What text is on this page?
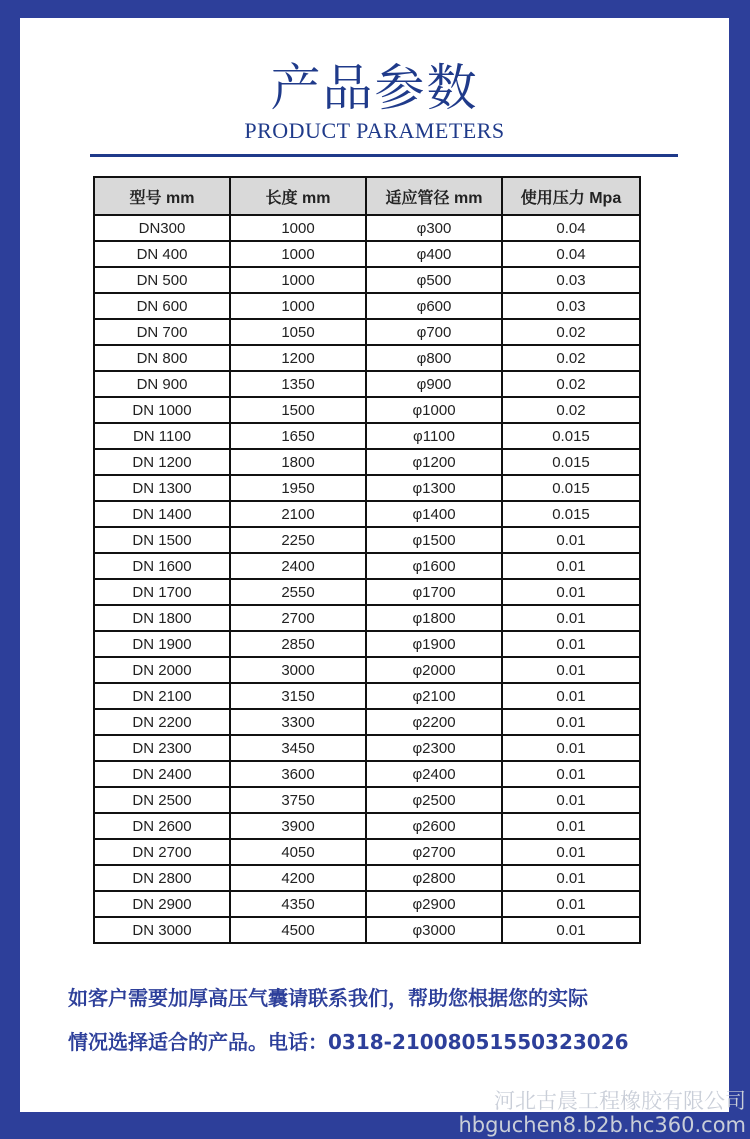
产品参数
PRODUCT PARAMETERS
型号 mm	长度 mm	适应管径 mm	使用压力 Mpa
DN300	1000	φ300	0.04
DN 400	1000	φ400	0.04
DN 500	1000	φ500	0.03
DN 600	1000	φ600	0.03
DN 700	1050	φ700	0.02
DN 800	1200	φ800	0.02
DN 900	1350	φ900	0.02
DN 1000	1500	φ1000	0.02
DN 1100	1650	φ1100	0.015
DN 1200	1800	φ1200	0.015
DN 1300	1950	φ1300	0.015
DN 1400	2100	φ1400	0.015
DN 1500	2250	φ1500	0.01
DN 1600	2400	φ1600	0.01
DN 1700	2550	φ1700	0.01
DN 1800	2700	φ1800	0.01
DN 1900	2850	φ1900	0.01
DN 2000	3000	φ2000	0.01
DN 2100	3150	φ2100	0.01
DN 2200	3300	φ2200	0.01
DN 2300	3450	φ2300	0.01
DN 2400	3600	φ2400	0.01
DN 2500	3750	φ2500	0.01
DN 2600	3900	φ2600	0.01
DN 2700	4050	φ2700	0.01
DN 2800	4200	φ2800	0.01
DN 2900	4350	φ2900	0.01
DN 3000	4500	φ3000	0.01
如客户需要加厚高压气囊请联系我们，帮助您根据您的实际
情况选择适合的产品。电话：0318-21008051550323026
河北古晨工程橡胶有限公司
hbguchen8.b2b.hc360.com
